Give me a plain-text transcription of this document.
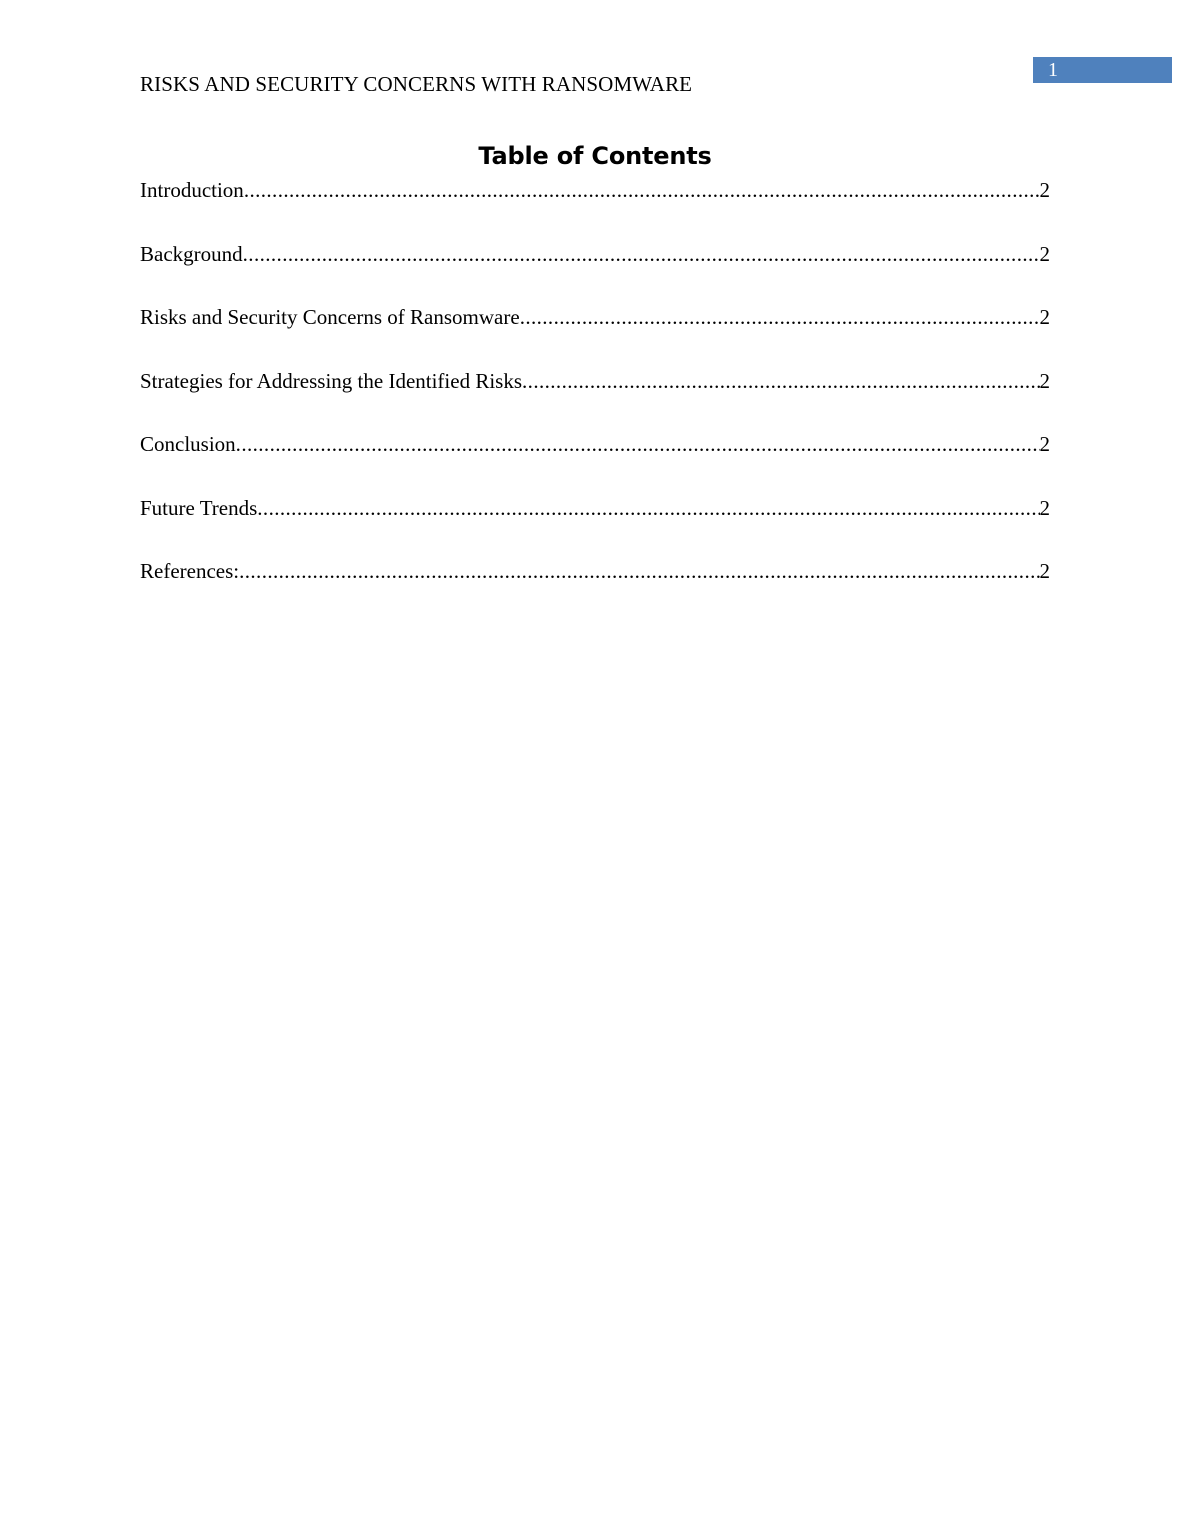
RISKS AND SECURITY CONCERNS WITH RANSOMWARE
1
Table of Contents
Introduction .....	2
Background .....	2
Risks and Security Concerns of Ransomware .....	2
Strategies for Addressing the Identified Risks .....	2
Conclusion .....	2
Future Trends .....	2
References: .....	2
